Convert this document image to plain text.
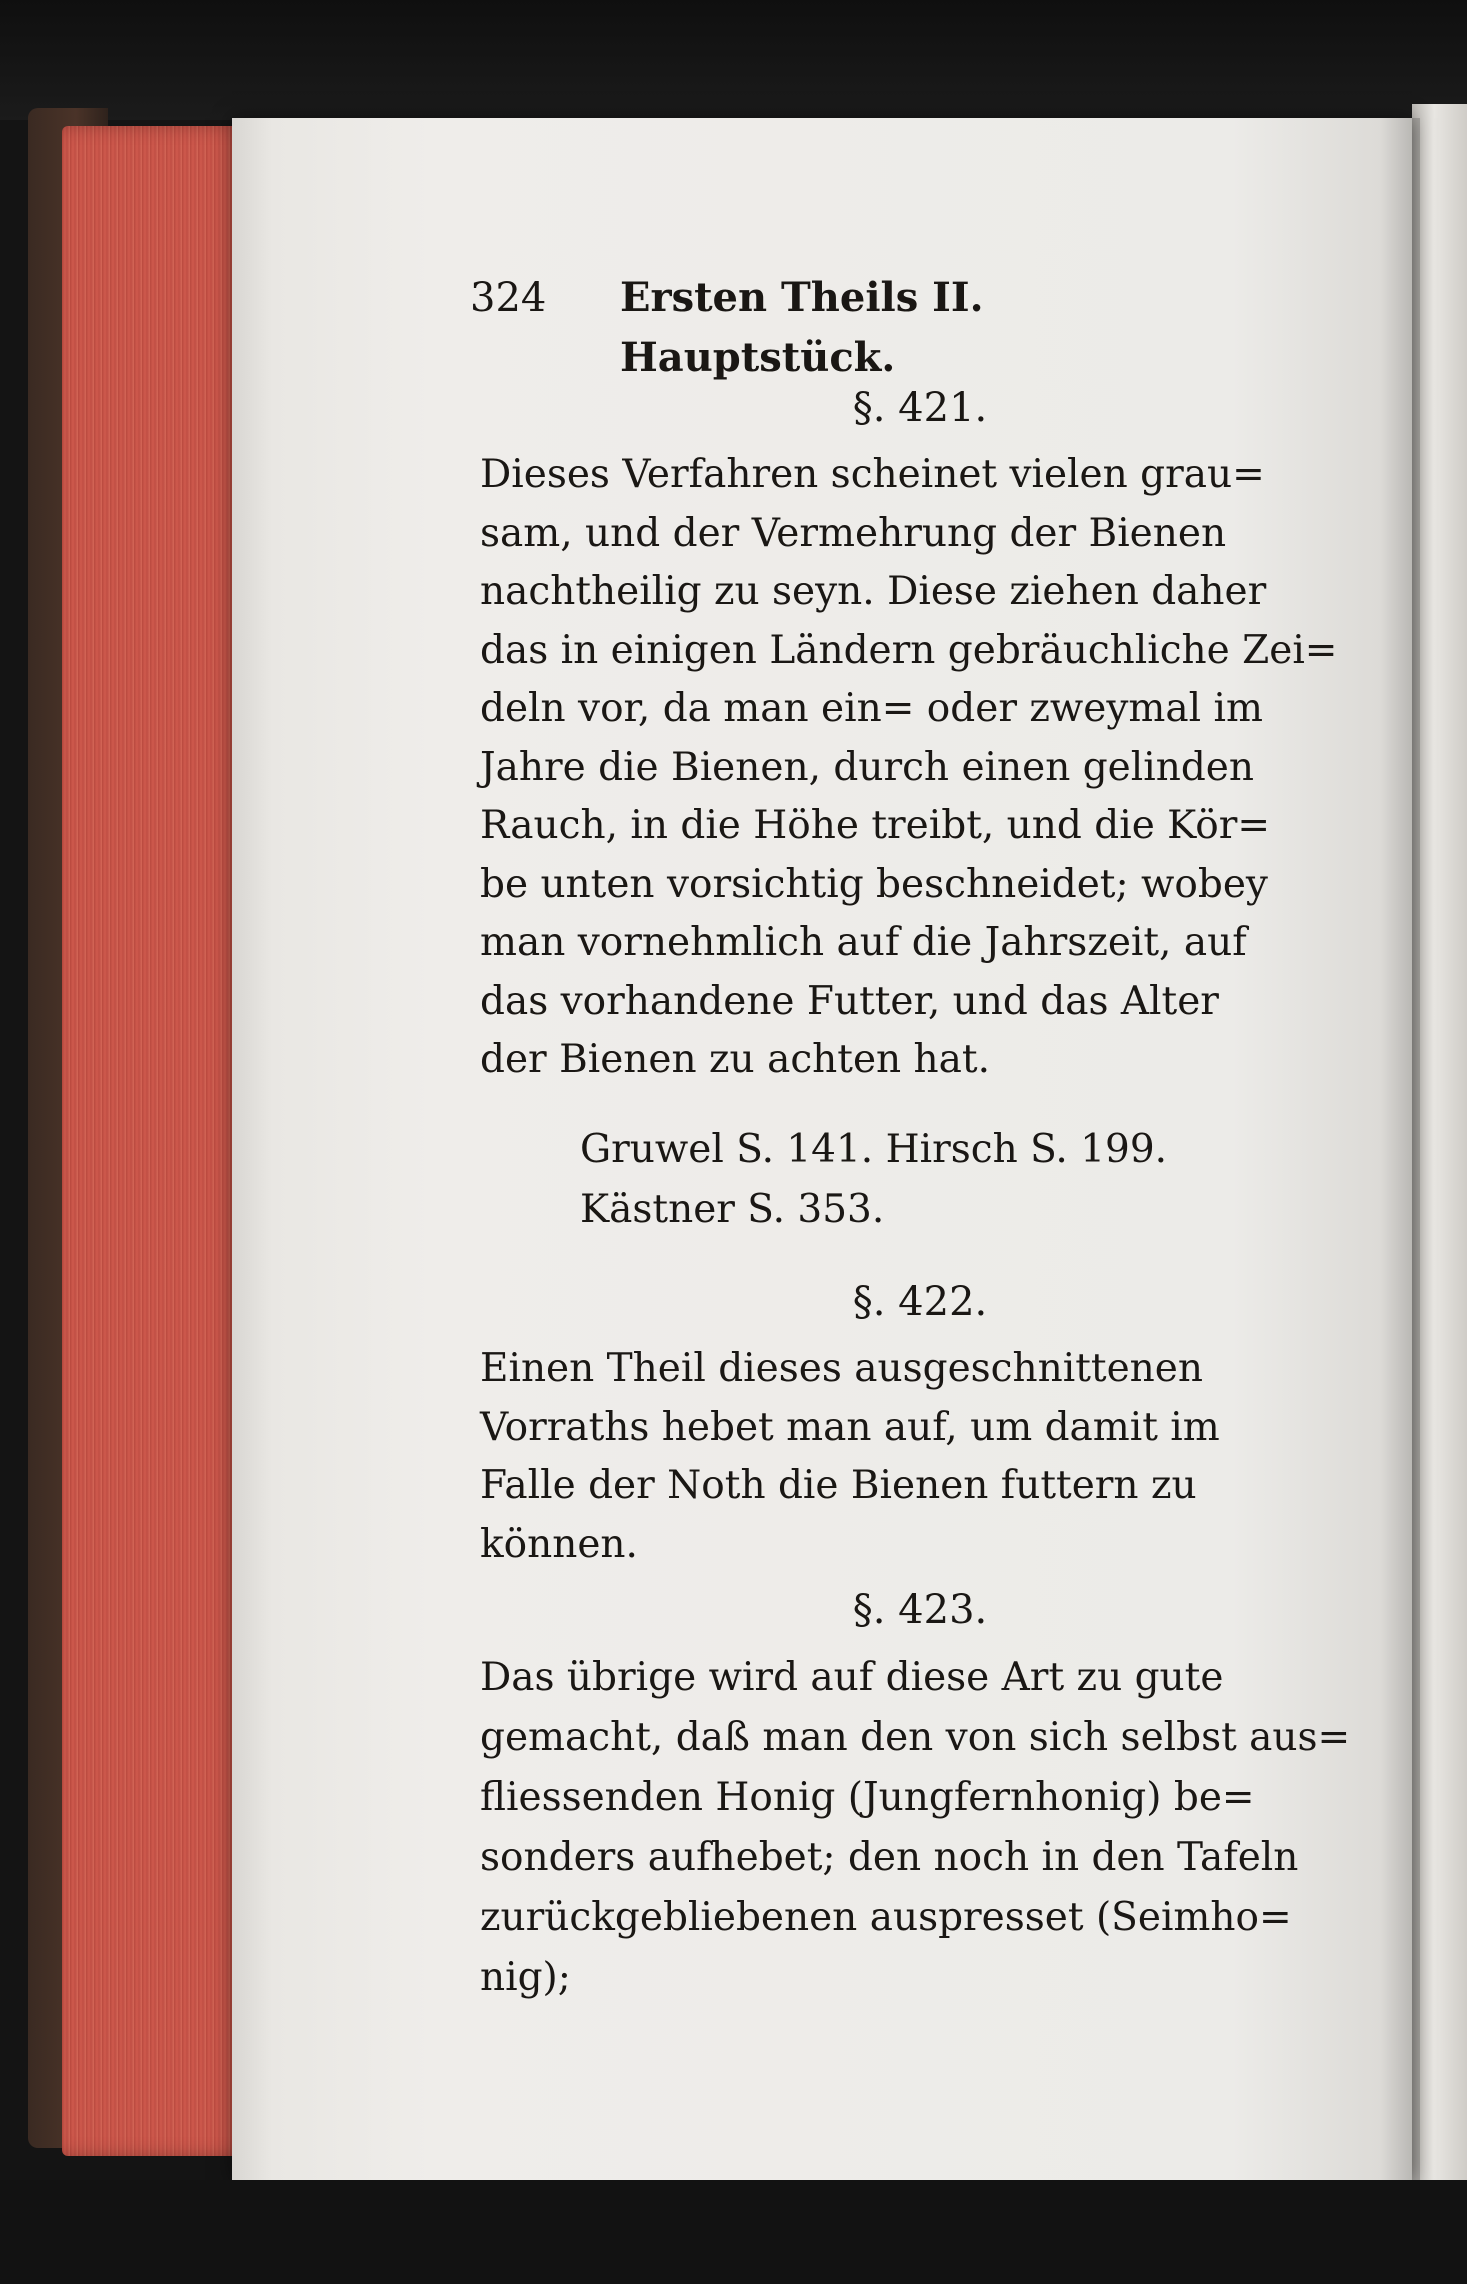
324 Ersten Theils II. Hauptstück.
§. 421.
Dieses Verfahren scheinet vielen grau=
sam, und der Vermehrung der Bienen
nachtheilig zu seyn. Diese ziehen daher
das in einigen Ländern gebräuchliche Zei=
deln vor, da man ein= oder zweymal im
Jahre die Bienen, durch einen gelinden
Rauch, in die Höhe treibt, und die Kör=
be unten vorsichtig beschneidet; wobey
man vornehmlich auf die Jahrszeit, auf
das vorhandene Futter, und das Alter
der Bienen zu achten hat.
Gruwel S. 141. Hirsch S. 199.
Kästner S. 353.
§. 422.
Einen Theil dieses ausgeschnittenen
Vorraths hebet man auf, um damit im
Falle der Noth die Bienen futtern zu
können.
§. 423.
Das übrige wird auf diese Art zu gute
gemacht, daß man den von sich selbst aus=
fliessenden Honig (Jungfernhonig) be=
sonders aufhebet; den noch in den Tafeln
zurückgebliebenen auspresset (Seimho=
nig);
